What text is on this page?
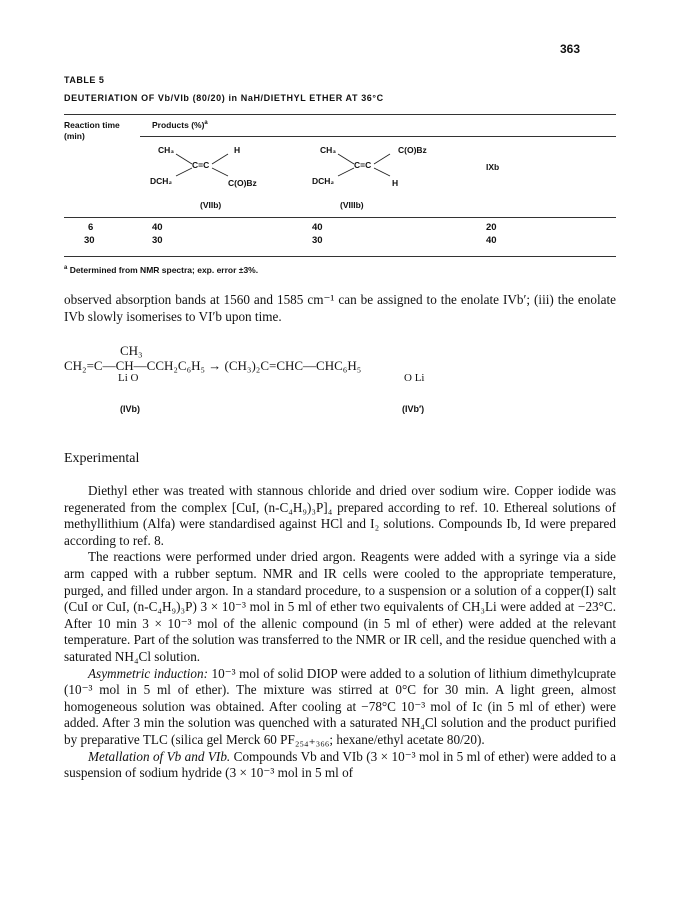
363
TABLE 5
DEUTERIATION OF Vb/VIb (80/20) in NaH/DIETHYL ETHER AT 36°C
Reaction time (min)
Products (%)$^a$
CH₃	H
C=C
DCH₂	C(O)Bz
(VIIb)
CH₃	C(O)Bz
C=C
DCH₂	H
(VIIIb)
IXb
6	40	40	20
30	30	30	40
$^a$ Determined from NMR spectra; exp. error ±3%.

observed absorption bands at 1560 and 1585 cm⁻¹ can be assigned to the enolate IVb′; (iii) the enolate IVb slowly isomerises to VI′b upon time.

CH₃
CH₂=C—CH—CCH₂C₆H₅ → (CH₃)₂C=CHC—CHC₆H₅
Li O	O Li
(IVb)	(IVb′)
Experimental

Diethyl ether was treated with stannous chloride and dried over sodium wire. Copper iodide was regenerated from the complex [CuI, (n-C₄H₉)₃P]₄ prepared according to ref. 10. Ethereal solutions of methyllithium (Alfa) were standardised against HCl and I₂ solutions. Compounds Ib, Id were prepared according to ref. 8.

The reactions were performed under dried argon. Reagents were added with a syringe via a side arm capped with a rubber septum. NMR and IR cells were cooled to the appropriate temperature, purged, and filled under argon. In a standard procedure, to a suspension or a solution of a copper(I) salt (CuI or CuI, (n-C₄H₉)₃P) 3 × 10⁻³ mol in 5 ml of ether two equivalents of CH₃Li were added at −23°C. After 10 min 3 × 10⁻³ mol of the allenic compound (in 5 ml of ether) were added at the relevant temperature. Part of the solution was transferred to the NMR or IR cell, and the residue quenched with a saturated NH₄Cl solution.

Asymmetric induction: 10⁻³ mol of solid DIOP were added to a solution of lithium dimethylcuprate (10⁻³ mol in 5 ml of ether). The mixture was stirred at 0°C for 30 min. A light green, almost homogeneous solution was obtained. After cooling at −78°C 10⁻³ mol of Ic (in 5 ml of ether) were added. After 3 min the solution was quenched with a saturated NH₄Cl solution and the product purified by preparative TLC (silica gel Merck 60 PF₂₅₄₊₃₆₆; hexane/ethyl acetate 80/20).

Metallation of Vb and VIb. Compounds Vb and VIb (3 × 10⁻³ mol in 5 ml of ether) were added to a suspension of sodium hydride (3 × 10⁻³ mol in 5 ml of
